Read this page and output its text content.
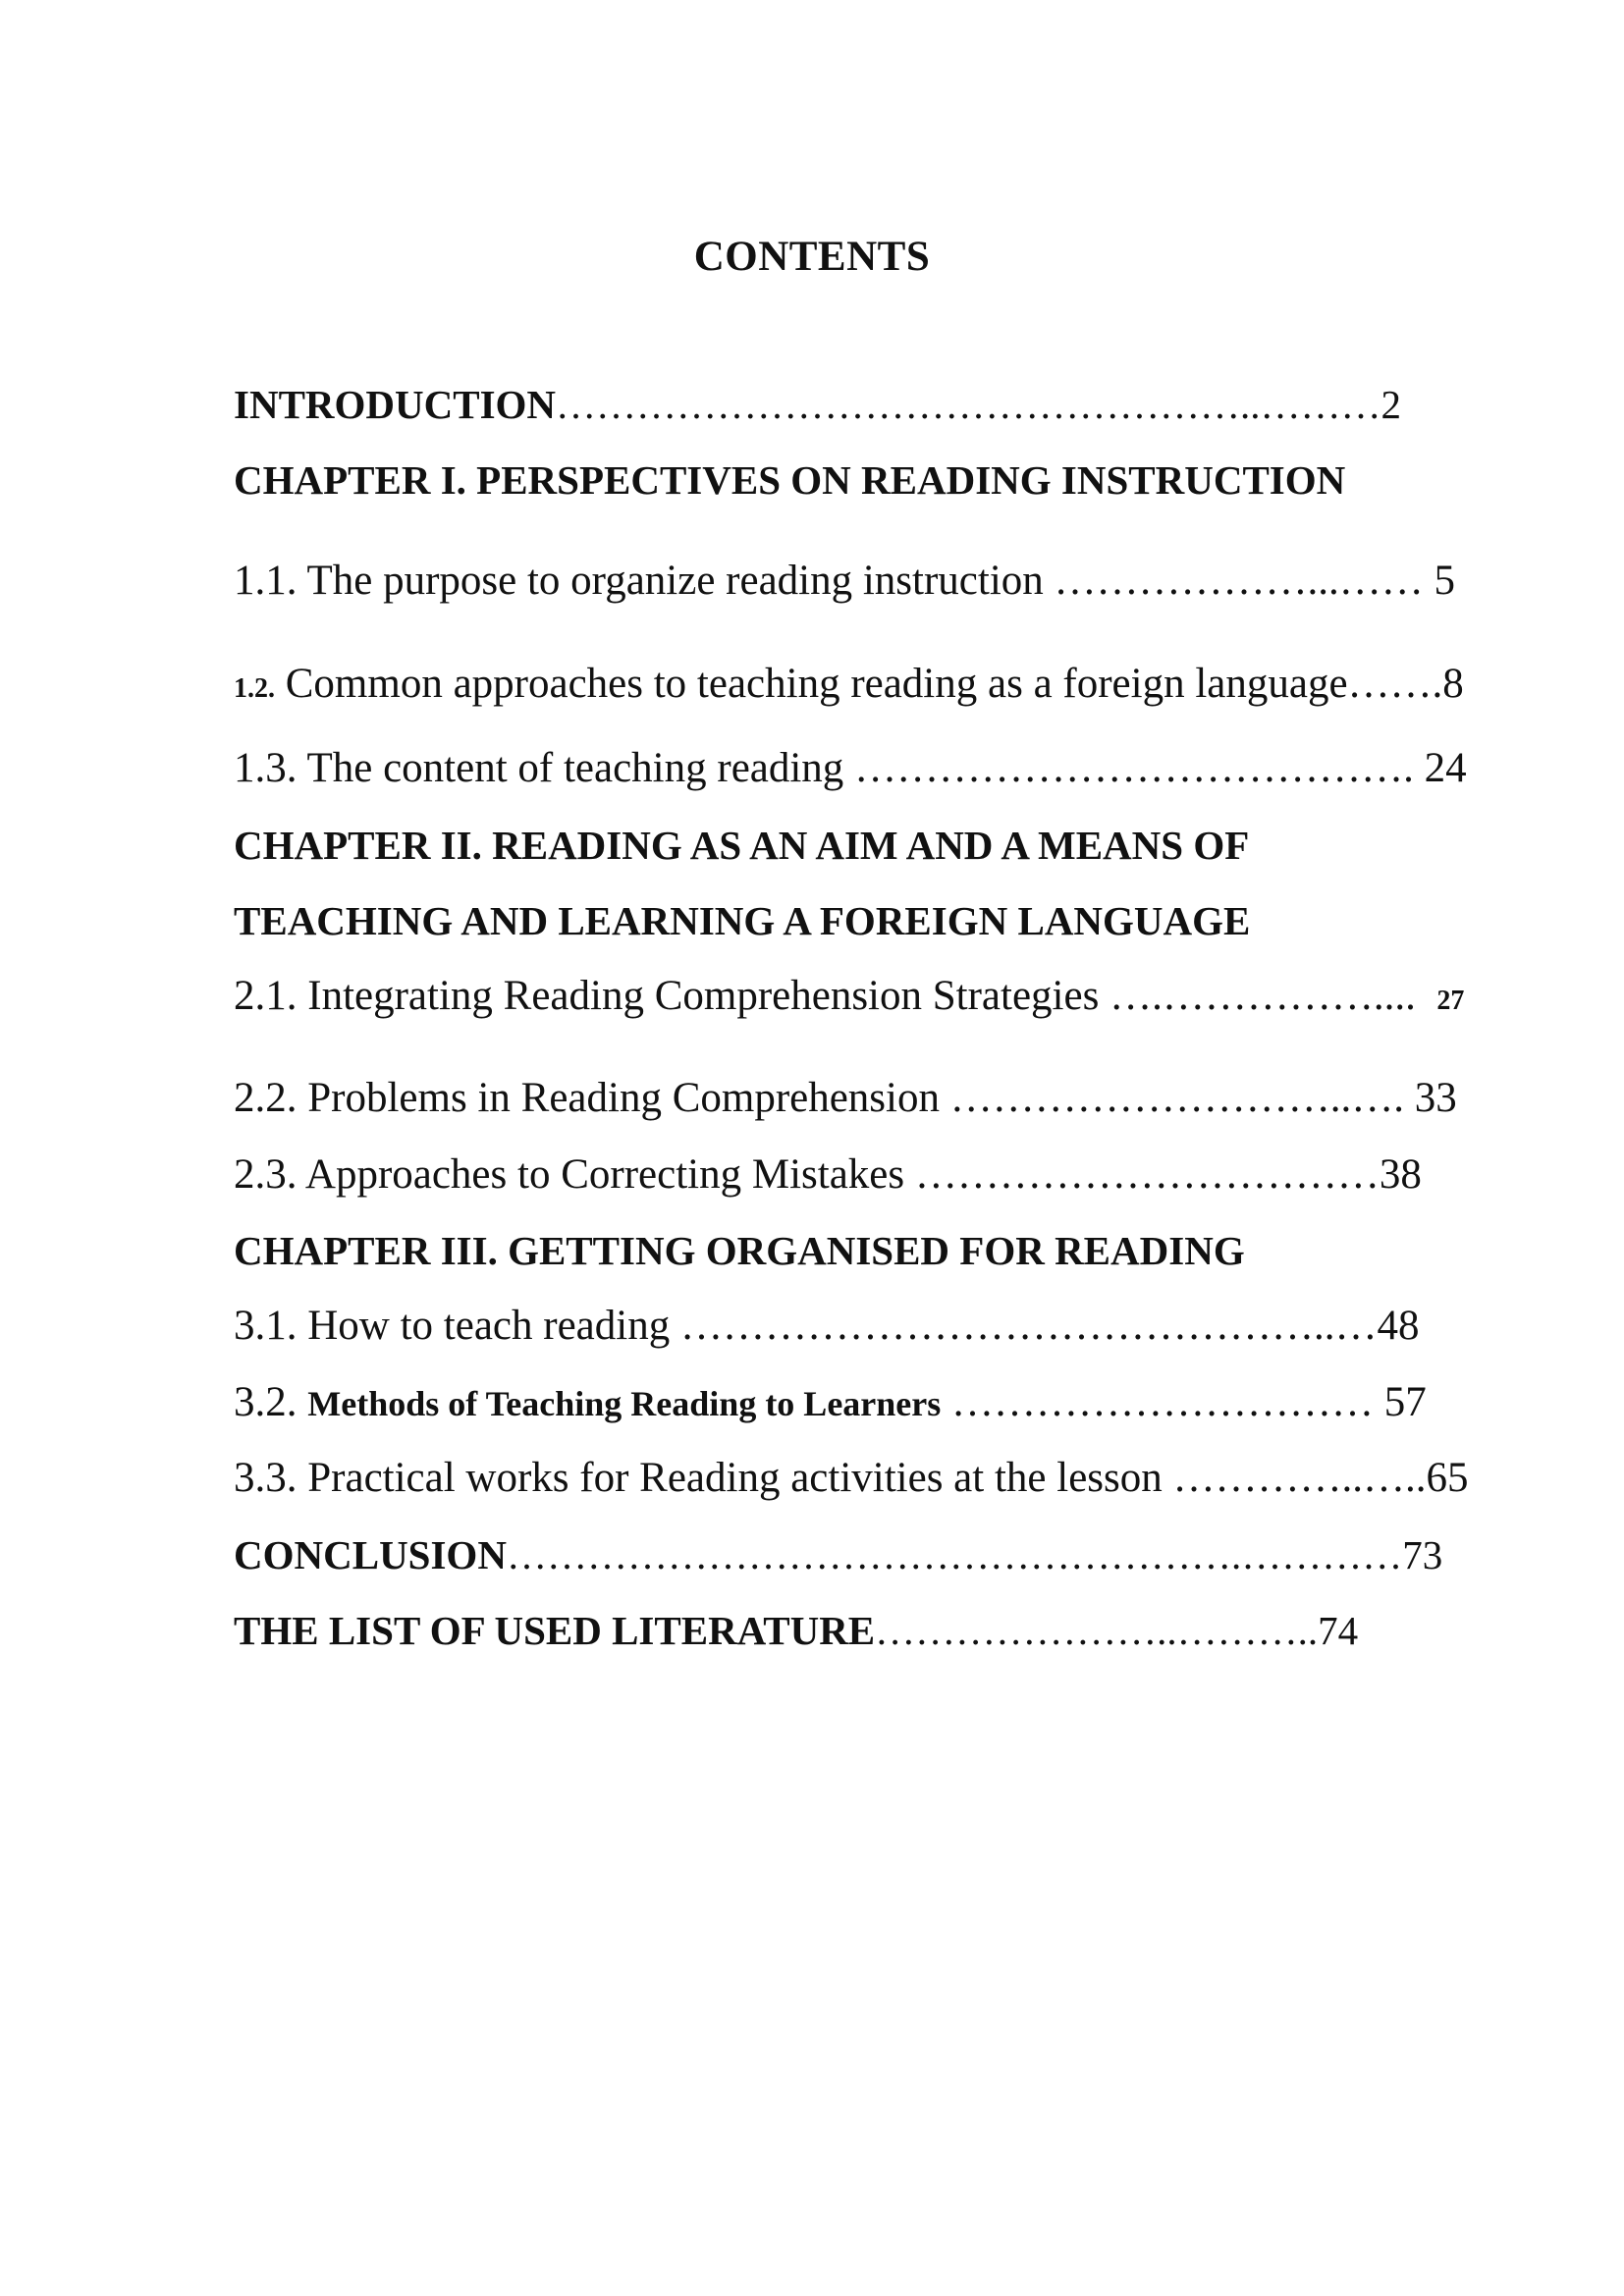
CONTENTS
INTRODUCTION……………………………………………..………2
CHAPTER I. PERSPECTIVES ON READING INSTRUCTION
1.1. The purpose to organize reading instruction ………………...…… 5
1.2. Common approaches to teaching reading as a foreign language…….8
1.3. The content of teaching reading …………………………………. 24
CHAPTER II. READING AS AN AIM AND A MEANS OF
TEACHING AND LEARNING A FOREIGN LANGUAGE
2.1. Integrating Reading Comprehension Strategies ….…………….... 27
2.2. Problems in Reading Comprehension ………………………..…. 33
2.3. Approaches to Correcting Mistakes ……………………………38
CHAPTER III. GETTING ORGANISED FOR READING
3.1. How to teach reading ………………………………………..…48
3.2. Methods of Teaching Reading to Learners ………………………… 57
3.3. Practical works for Reading activities at the lesson …………..…..65
CONCLUSION……………………………………………….…………73
THE LIST OF USED LITERATURE…………………..………..74
